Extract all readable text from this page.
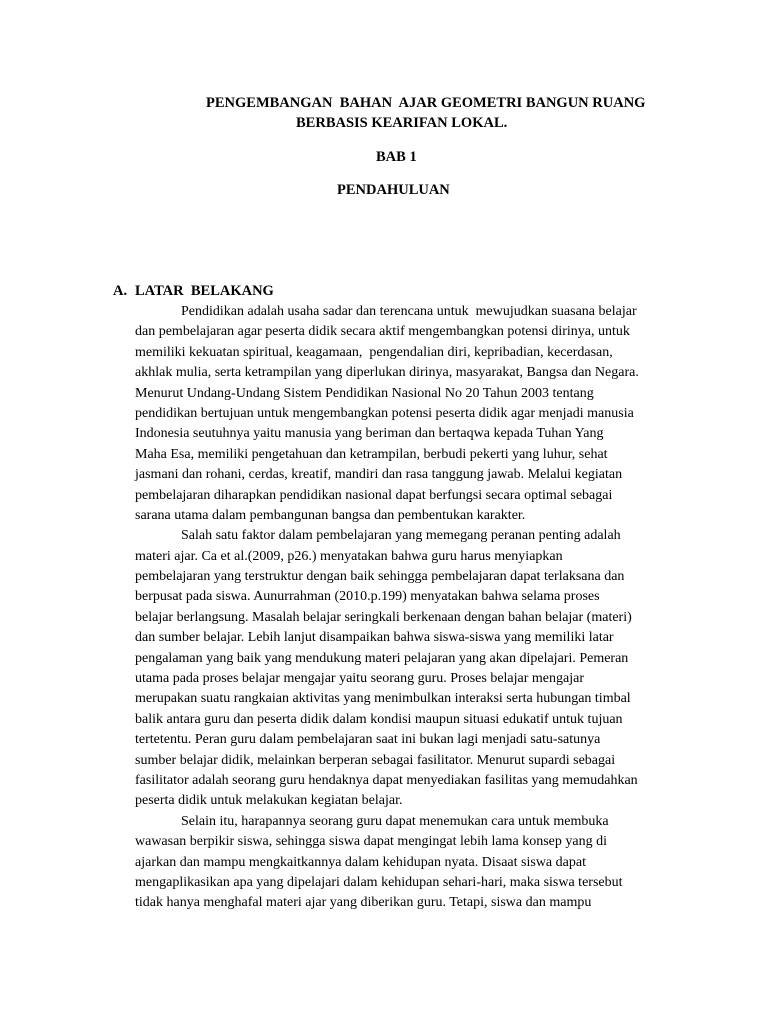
PENGEMBANGAN  BAHAN  AJAR GEOMETRI BANGUN RUANG
BERBASIS KEARIFAN LOKAL.
BAB 1
PENDAHULUAN
A. LATAR  BELAKANG
Pendidikan adalah usaha sadar dan terencana untuk  mewujudkan suasana belajar
dan pembelajaran agar peserta didik secara aktif mengembangkan potensi dirinya, untuk
memiliki kekuatan spiritual, keagamaan,  pengendalian diri, kepribadian, kecerdasan,
akhlak mulia, serta ketrampilan yang diperlukan dirinya, masyarakat, Bangsa dan Negara.
Menurut Undang-Undang Sistem Pendidikan Nasional No 20 Tahun 2003 tentang
pendidikan bertujuan untuk mengembangkan potensi peserta didik agar menjadi manusia
Indonesia seutuhnya yaitu manusia yang beriman dan bertaqwa kepada Tuhan Yang
Maha Esa, memiliki pengetahuan dan ketrampilan, berbudi pekerti yang luhur, sehat
jasmani dan rohani, cerdas, kreatif, mandiri dan rasa tanggung jawab. Melalui kegiatan
pembelajaran diharapkan pendidikan nasional dapat berfungsi secara optimal sebagai
sarana utama dalam pembangunan bangsa dan pembentukan karakter.
Salah satu faktor dalam pembelajaran yang memegang peranan penting adalah
materi ajar. Ca et al.(2009, p26.) menyatakan bahwa guru harus menyiapkan
pembelajaran yang terstruktur dengan baik sehingga pembelajaran dapat terlaksana dan
berpusat pada siswa. Aunurrahman (2010.p.199) menyatakan bahwa selama proses
belajar berlangsung. Masalah belajar seringkali berkenaan dengan bahan belajar (materi)
dan sumber belajar. Lebih lanjut disampaikan bahwa siswa-siswa yang memiliki latar
pengalaman yang baik yang mendukung materi pelajaran yang akan dipelajari. Pemeran
utama pada proses belajar mengajar yaitu seorang guru. Proses belajar mengajar
merupakan suatu rangkaian aktivitas yang menimbulkan interaksi serta hubungan timbal
balik antara guru dan peserta didik dalam kondisi maupun situasi edukatif untuk tujuan
tertetentu. Peran guru dalam pembelajaran saat ini bukan lagi menjadi satu-satunya
sumber belajar didik, melainkan berperan sebagai fasilitator. Menurut supardi sebagai
fasilitator adalah seorang guru hendaknya dapat menyediakan fasilitas yang memudahkan
peserta didik untuk melakukan kegiatan belajar.
Selain itu, harapannya seorang guru dapat menemukan cara untuk membuka
wawasan berpikir siswa, sehingga siswa dapat mengingat lebih lama konsep yang di
ajarkan dan mampu mengkaitkannya dalam kehidupan nyata. Disaat siswa dapat
mengaplikasikan apa yang dipelajari dalam kehidupan sehari-hari, maka siswa tersebut
tidak hanya menghafal materi ajar yang diberikan guru. Tetapi, siswa dan mampu
